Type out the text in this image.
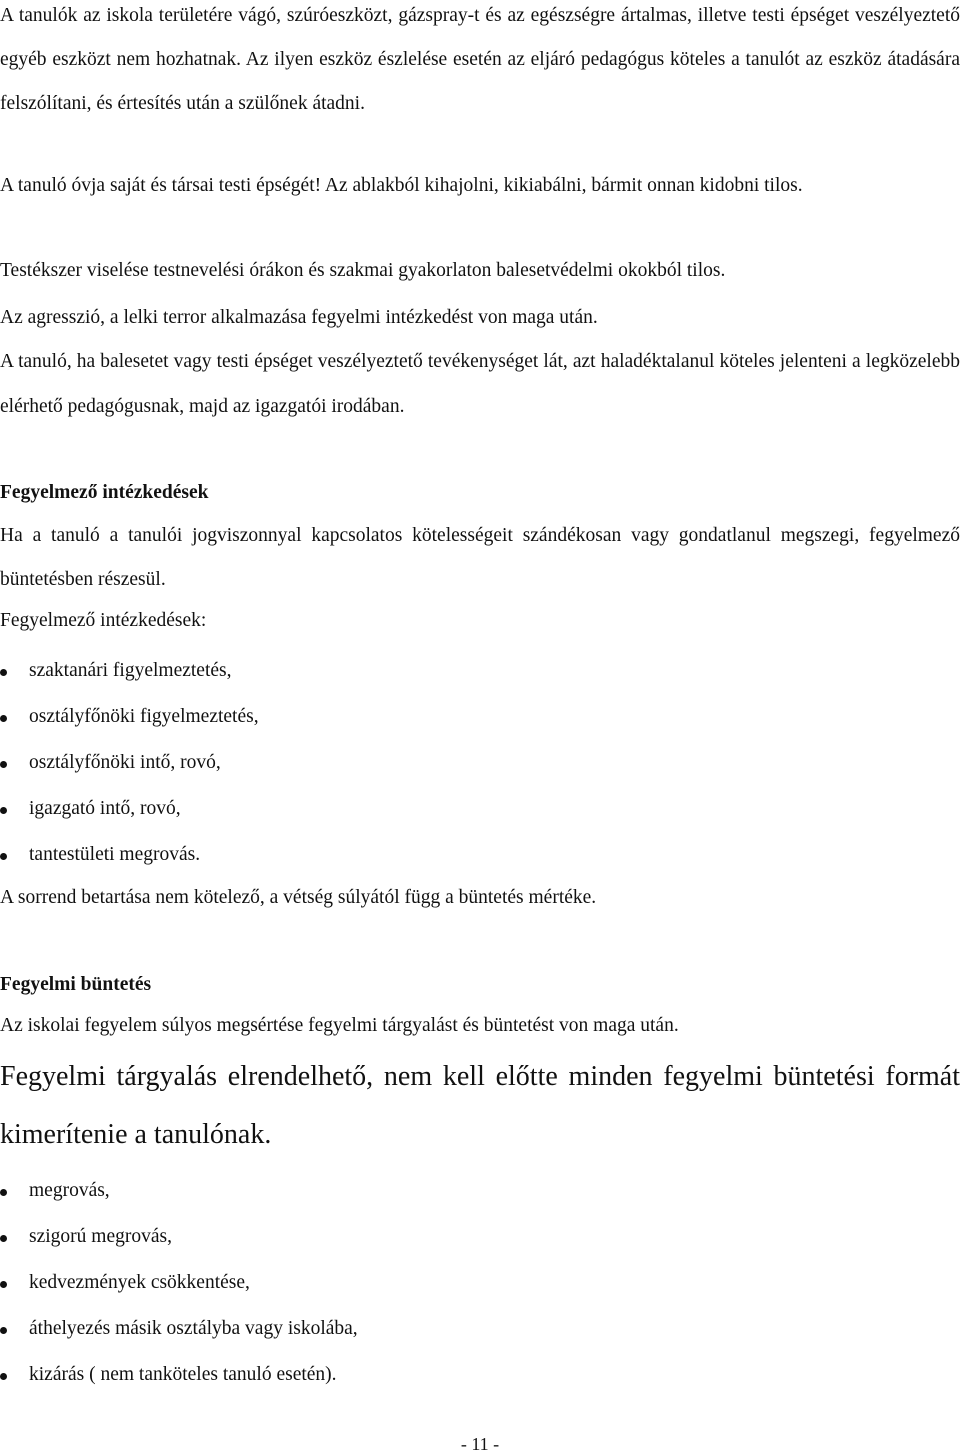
A tanulók az iskola területére vágó, szúróeszközt, gázspray-t és az egészségre ártalmas, illetve testi épséget veszélyeztető egyéb eszközt nem hozhatnak. Az ilyen eszköz észlelése esetén az eljáró pedagógus köteles a tanulót az eszköz átadására felszólítani, és értesítés után a szülőnek átadni.

A tanuló óvja saját és társai testi épségét! Az ablakból kihajolni, kikiabálni, bármit onnan kidobni tilos.

Testékszer viselése testnevelési órákon és szakmai gyakorlaton balesetvédelmi okokból tilos.

Az agresszió, a lelki terror alkalmazása fegyelmi intézkedést von maga után.

A tanuló, ha balesetet vagy testi épséget veszélyeztető tevékenységet lát, azt haladéktalanul köteles jelenteni a legközelebb elérhető pedagógusnak, majd az igazgatói irodában.

Fegyelmező intézkedések

Ha a tanuló a tanulói jogviszonnyal kapcsolatos kötelességeit szándékosan vagy gondatlanul megszegi, fegyelmező büntetésben részesül.

Fegyelmező intézkedések:

szaktanári figyelmeztetés,
osztályfőnöki figyelmeztetés,
osztályfőnöki intő, rovó,
igazgató intő, rovó,
tantestületi megrovás.

A sorrend betartása nem kötelező, a vétség súlyától függ a büntetés mértéke.

Fegyelmi büntetés

Az iskolai fegyelem súlyos megsértése fegyelmi tárgyalást és büntetést von maga után.

Fegyelmi tárgyalás elrendelhető, nem kell előtte minden fegyelmi büntetési formát kimerítenie a tanulónak.

megrovás,
szigorú megrovás,
kedvezmények csökkentése,
áthelyezés másik osztályba vagy iskolába,
kizárás ( nem tanköteles tanuló esetén).
- 11 -
